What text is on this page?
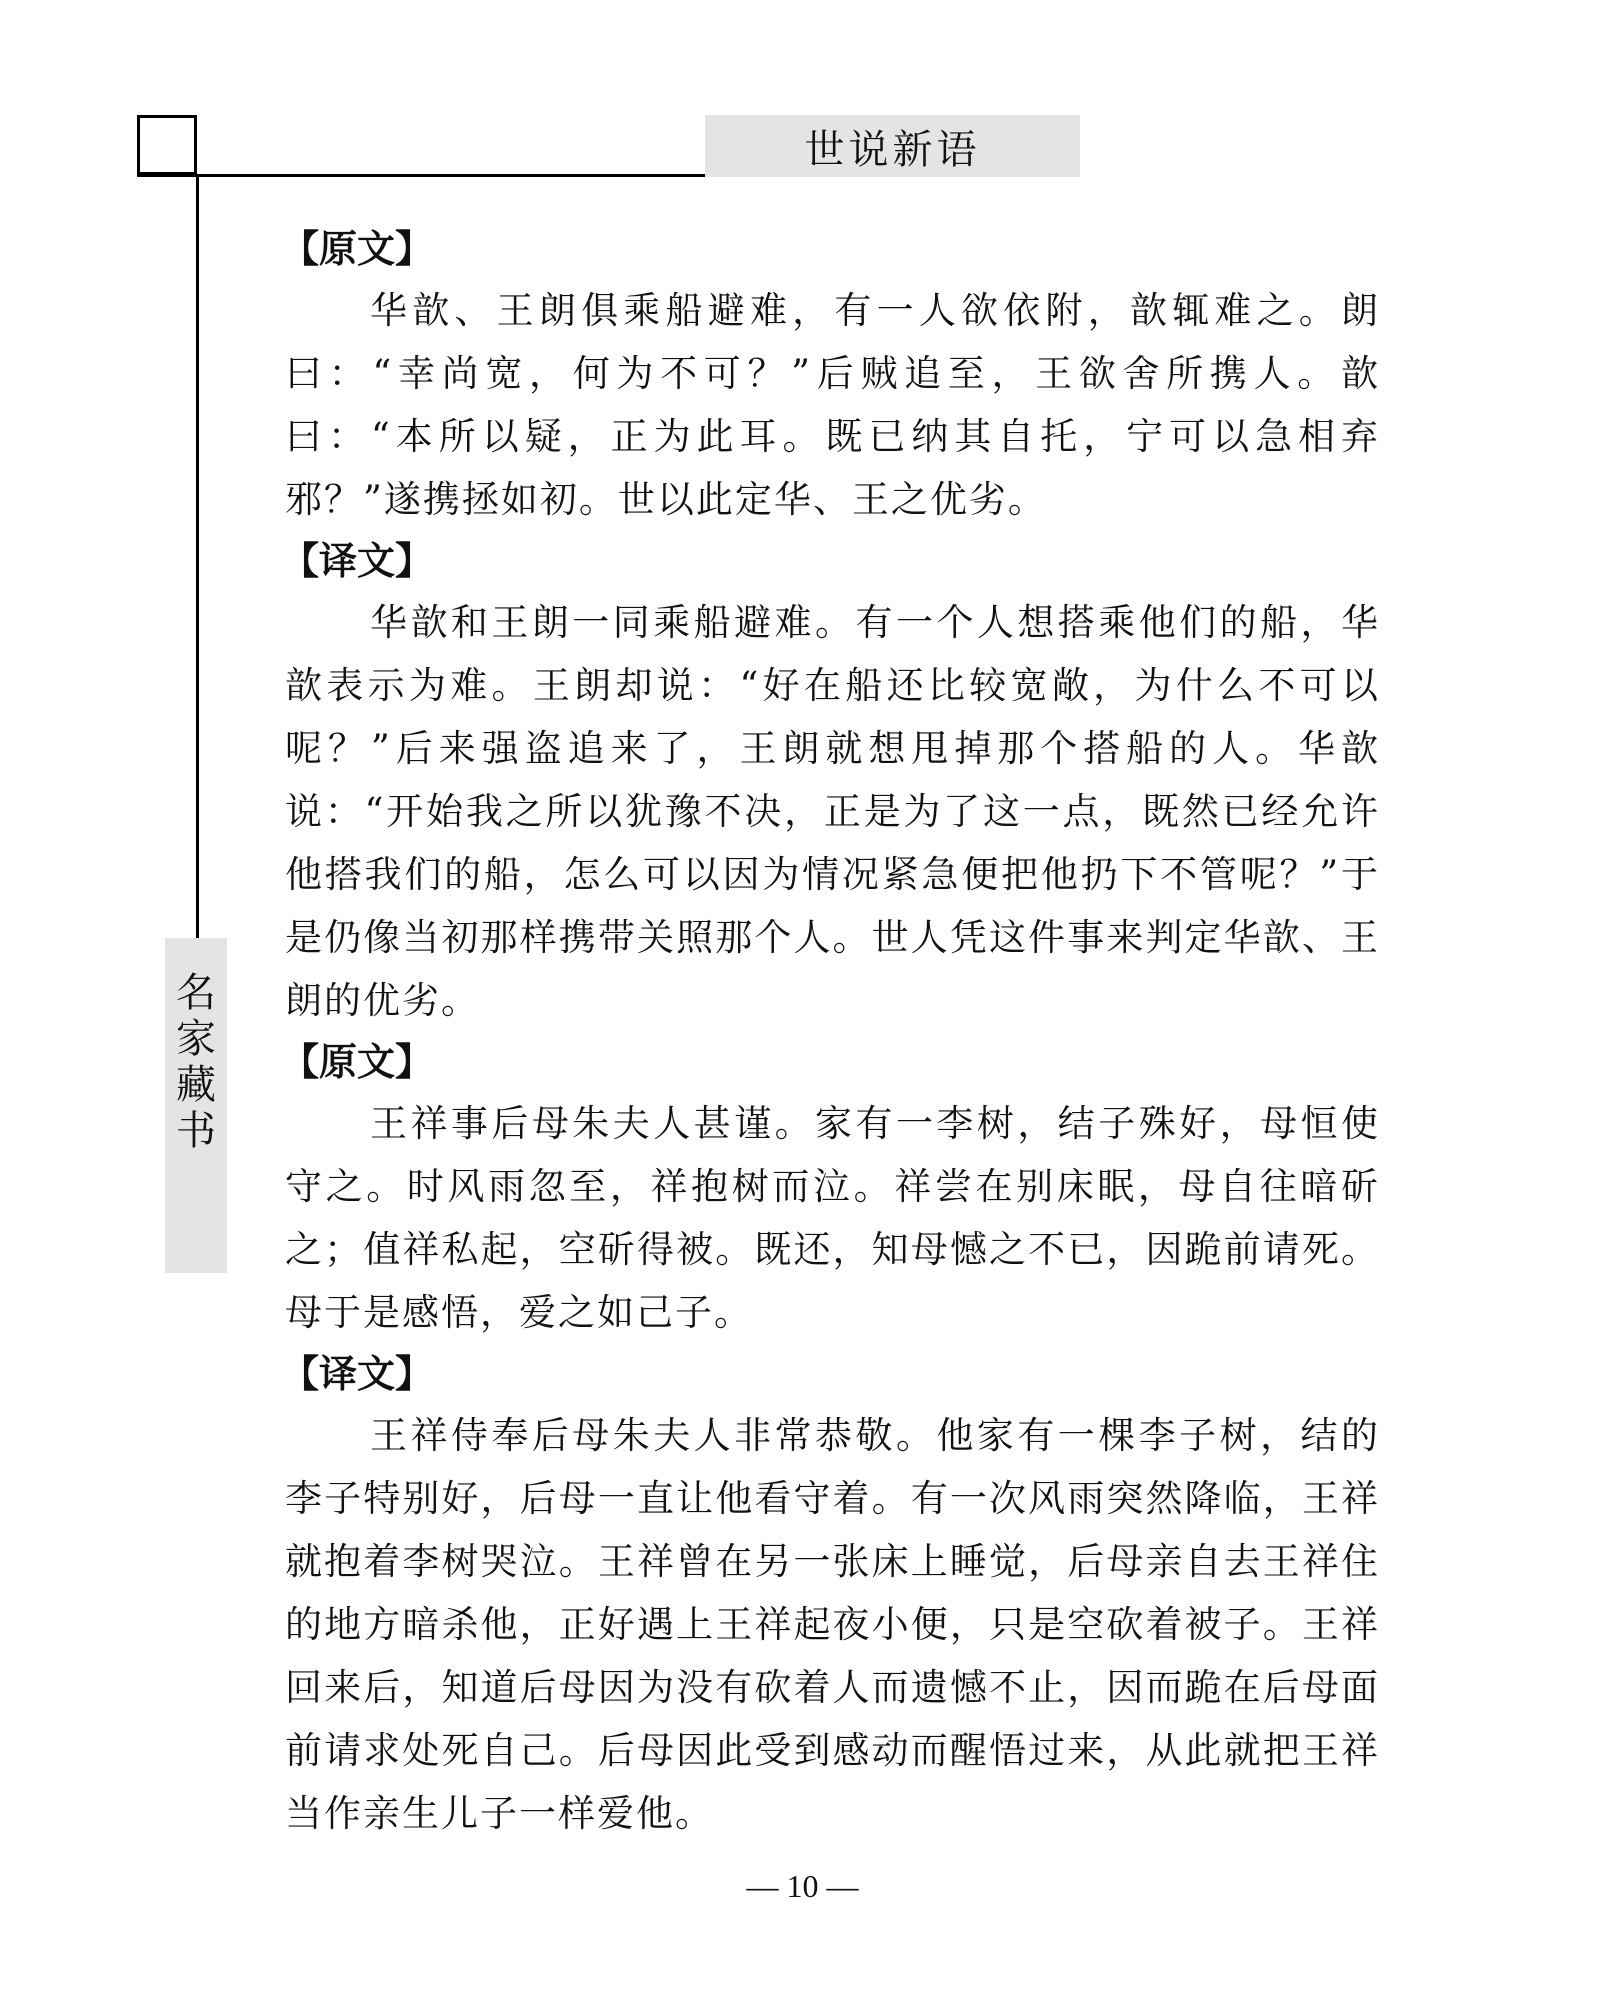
世说新语
名
家
藏
书
【原文】

华歆、王朗俱乘船避难，有一人欲依附，歆辄难之。朗曰：“幸尚宽，何为不可？”后贼追至，王欲舍所携人。歆曰：“本所以疑，正为此耳。既已纳其自托，宁可以急相弃邪？”遂携拯如初。世以此定华、王之优劣。

【译文】

华歆和王朗一同乘船避难。有一个人想搭乘他们的船，华歆表示为难。王朗却说：“好在船还比较宽敞，为什么不可以呢？”后来强盗追来了，王朗就想甩掉那个搭船的人。华歆说：“开始我之所以犹豫不决，正是为了这一点，既然已经允许他搭我们的船，怎么可以因为情况紧急便把他扔下不管呢？”于是仍像当初那样携带关照那个人。世人凭这件事来判定华歆、王朗的优劣。

【原文】

王祥事后母朱夫人甚谨。家有一李树，结子殊好，母恒使守之。时风雨忽至，祥抱树而泣。祥尝在别床眠，母自往暗斫之；值祥私起，空斫得被。既还，知母憾之不已，因跪前请死。母于是感悟，爱之如己子。

【译文】

王祥侍奉后母朱夫人非常恭敬。他家有一棵李子树，结的李子特别好，后母一直让他看守着。有一次风雨突然降临，王祥就抱着李树哭泣。王祥曾在另一张床上睡觉，后母亲自去王祥住的地方暗杀他，正好遇上王祥起夜小便，只是空砍着被子。王祥回来后，知道后母因为没有砍着人而遗憾不止，因而跪在后母面前请求处死自己。后母因此受到感动而醒悟过来，从此就把王祥当作亲生儿子一样爱他。

— 10 —
